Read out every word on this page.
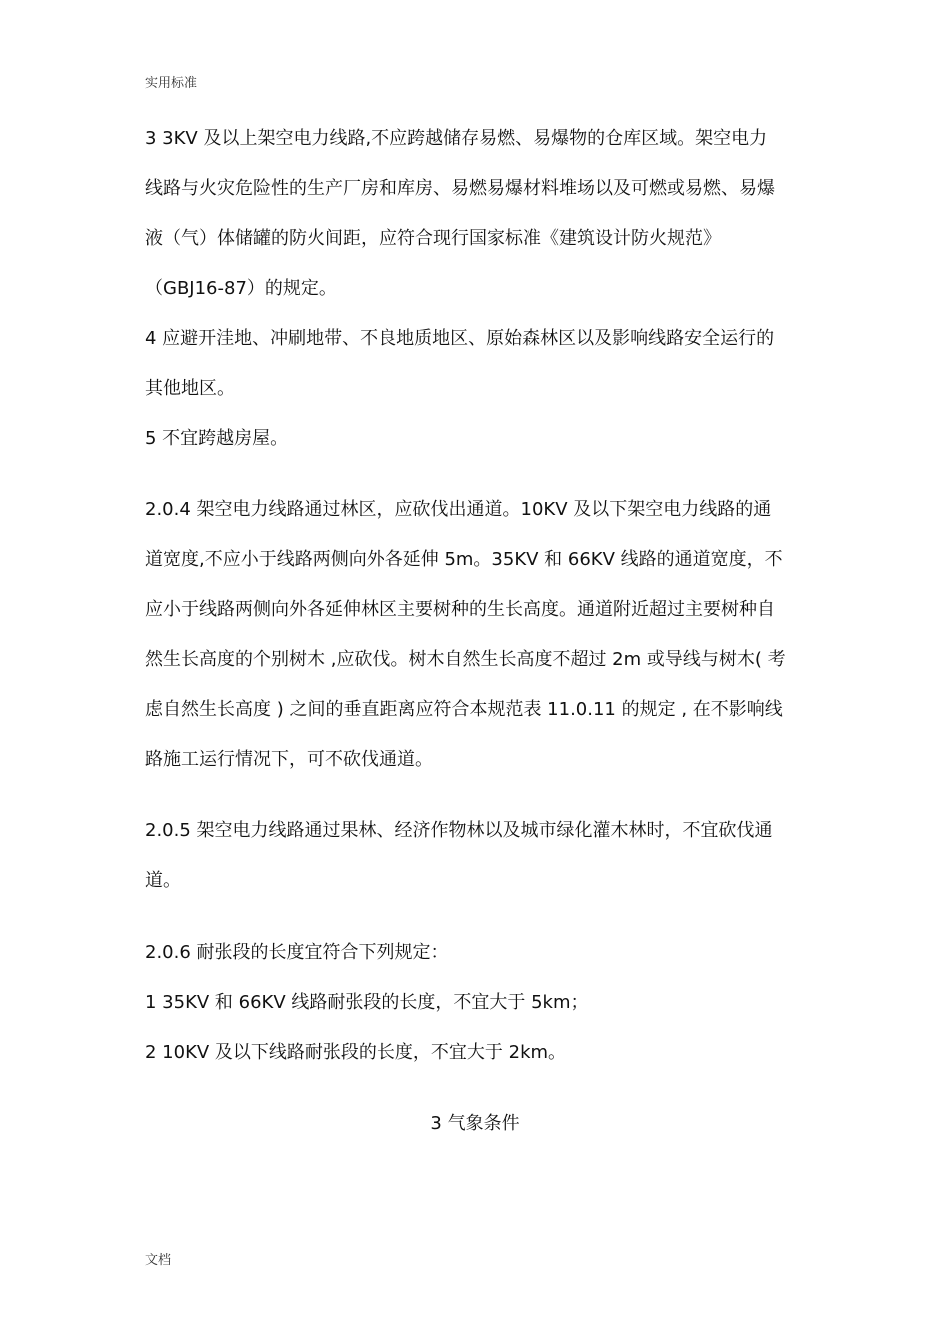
实用标准
3 3KV 及以上架空电力线路,不应跨越储存易燃、易爆物的仓库区域。架空电力
线路与火灾危险性的生产厂房和库房、易燃易爆材料堆场以及可燃或易燃、易爆
液（气）体储罐的防火间距，应符合现行国家标准《建筑设计防火规范》
（GBJ16-87）的规定。
4 应避开洼地、冲刷地带、不良地质地区、原始森林区以及影响线路安全运行的
其他地区。
5 不宜跨越房屋。
2.0.4 架空电力线路通过林区，应砍伐出通道。10KV 及以下架空电力线路的通
道宽度,不应小于线路两侧向外各延伸 5m。35KV 和 66KV 线路的通道宽度，不
应小于线路两侧向外各延伸林区主要树种的生长高度。通道附近超过主要树种自
然生长高度的个别树木 ,应砍伐。树木自然生长高度不超过 2m 或导线与树木( 考
虑自然生长高度 ) 之间的垂直距离应符合本规范表 11.0.11 的规定 , 在不影响线
路施工运行情况下，可不砍伐通道。
2.0.5 架空电力线路通过果林、经济作物林以及城市绿化灌木林时，不宜砍伐通
道。
2.0.6 耐张段的长度宜符合下列规定：
1 35KV 和 66KV 线路耐张段的长度，不宜大于 5km；
2 10KV 及以下线路耐张段的长度，不宜大于 2km。
3 气象条件
文档
